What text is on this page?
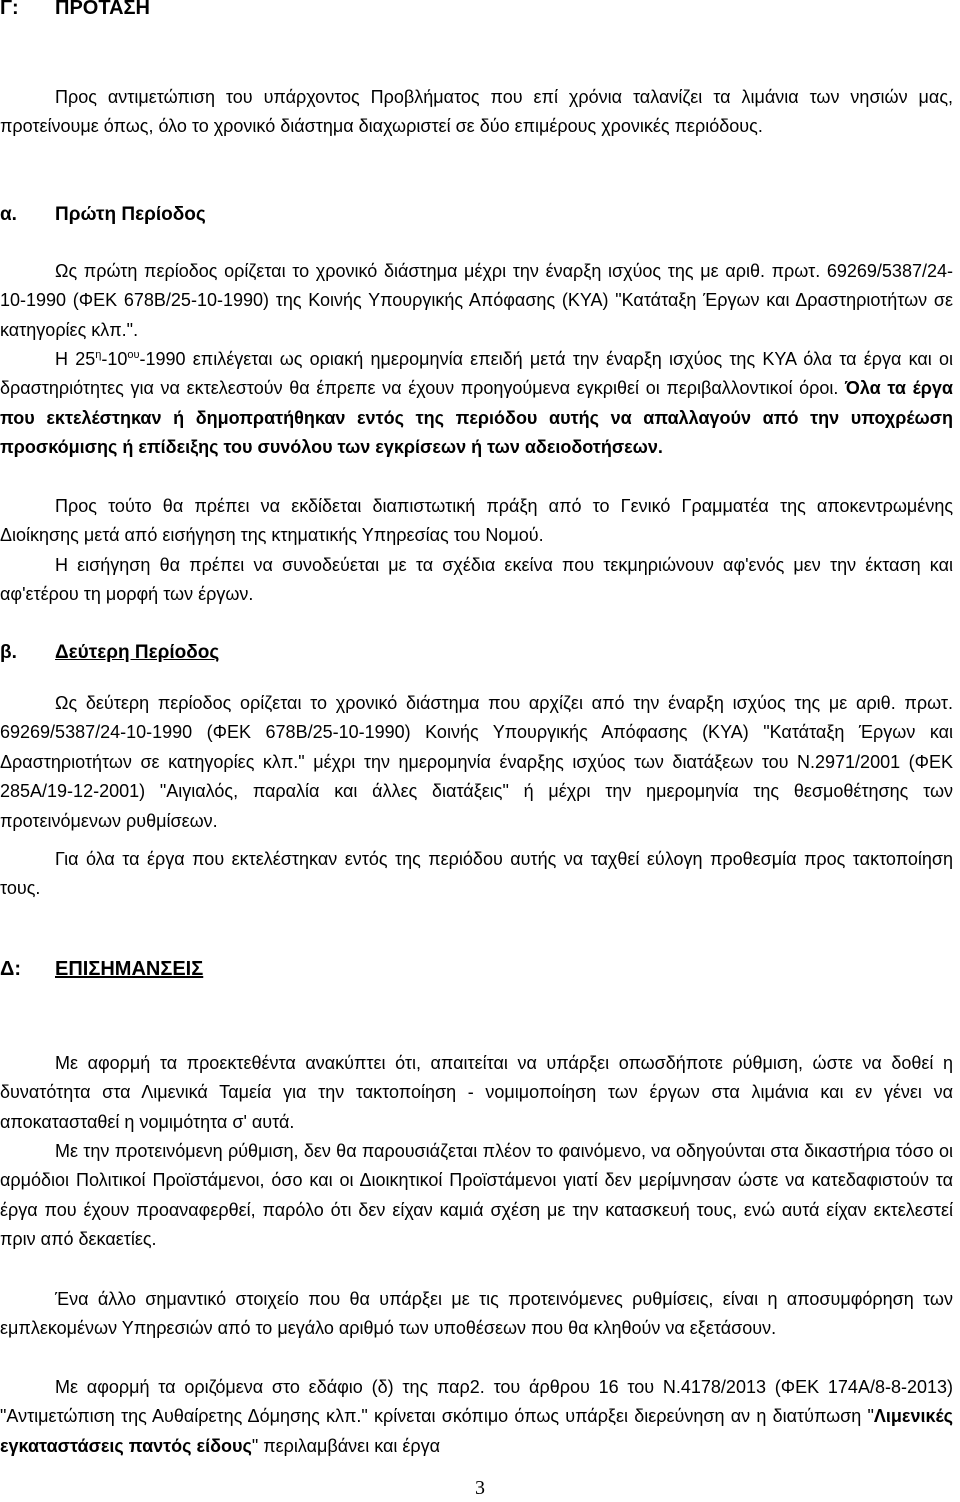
Γ: ΠΡΟΤΑΣΗ

Προς αντιμετώπιση του υπάρχοντος Προβλήματος που επί χρόνια ταλανίζει τα λιμάνια των νησιών μας, προτείνουμε όπως, όλο το χρονικό διάστημα διαχωριστεί σε δύο επιμέρους χρονικές περιόδους.

α. Πρώτη Περίοδος

Ως πρώτη περίοδος ορίζεται το χρονικό διάστημα μέχρι την έναρξη ισχύος της με αριθ. πρωτ. 69269/5387/24-10-1990 (ΦΕΚ 678Β/25-10-1990) της Κοινής Υπουργικής Απόφασης (ΚΥΑ) "Κατάταξη Έργων και Δραστηριοτήτων σε κατηγορίες κλπ.".

Η $25^\eta-10^{o\upsilon}-1990$ επιλέγεται ως οριακή ημερομηνία επειδή μετά την έναρξη ισχύος της ΚΥΑ όλα τα έργα και οι δραστηριότητες για να εκτελεστούν θα έπρεπε να έχουν προηγούμενα εγκριθεί οι περιβαλλοντικοί όροι. Όλα τα έργα που εκτελέστηκαν ή δημοπρατήθηκαν εντός της περιόδου αυτής να απαλλαγούν από την υποχρέωση προσκόμισης ή επίδειξης του συνόλου των εγκρίσεων ή των αδειοδοτήσεων.

Προς τούτο θα πρέπει να εκδίδεται διαπιστωτική πράξη από το Γενικό Γραμματέα της αποκεντρωμένης Διοίκησης μετά από εισήγηση της κτηματικής Υπηρεσίας του Νομού.

Η εισήγηση θα πρέπει να συνοδεύεται με τα σχέδια εκείνα που τεκμηριώνουν αφ'ενός μεν την έκταση και αφ'ετέρου τη μορφή των έργων.

β. Δεύτερη Περίοδος

Ως δεύτερη περίοδος ορίζεται το χρονικό διάστημα που αρχίζει από την έναρξη ισχύος της με αριθ. πρωτ. 69269/5387/24-10-1990 (ΦΕΚ 678Β/25-10-1990) Κοινής Υπουργικής Απόφασης (ΚΥΑ) "Κατάταξη Έργων και Δραστηριοτήτων σε κατηγορίες κλπ." μέχρι την ημερομηνία έναρξης ισχύος των διατάξεων του Ν.2971/2001 (ΦΕΚ 285Α/19-12-2001) "Αιγιαλός, παραλία και άλλες διατάξεις" ή μέχρι την ημερομηνία της θεσμοθέτησης των προτεινόμενων ρυθμίσεων.

Για όλα τα έργα που εκτελέστηκαν εντός της περιόδου αυτής να ταχθεί εύλογη προθεσμία προς τακτοποίηση τους.

Δ: ΕΠΙΣΗΜΑΝΣΕΙΣ

Με αφορμή τα προεκτεθέντα ανακύπτει ότι, απαιτείται να υπάρξει οπωσδήποτε ρύθμιση, ώστε να δοθεί η δυνατότητα στα Λιμενικά Ταμεία για την τακτοποίηση - νομιμοποίηση των έργων στα λιμάνια και εν γένει να αποκατασταθεί η νομιμότητα σ' αυτά.

Με την προτεινόμενη ρύθμιση, δεν θα παρουσιάζεται πλέον το φαινόμενο, να οδηγούνται στα δικαστήρια τόσο οι αρμόδιοι Πολιτικοί Προϊστάμενοι, όσο και οι Διοικητικοί Προϊστάμενοι γιατί δεν μερίμνησαν ώστε να κατεδαφιστούν τα έργα που έχουν προαναφερθεί, παρόλο ότι δεν είχαν καμιά σχέση με την κατασκευή τους, ενώ αυτά είχαν εκτελεστεί πριν από δεκαετίες.

Ένα άλλο σημαντικό στοιχείο που θα υπάρξει με τις προτεινόμενες ρυθμίσεις, είναι η αποσυμφόρηση των εμπλεκομένων Υπηρεσιών από το μεγάλο αριθμό των υποθέσεων που θα κληθούν να εξετάσουν.

Με αφορμή τα οριζόμενα στο εδάφιο (δ) της παρ2. του άρθρου 16 του Ν.4178/2013 (ΦΕΚ 174Α/8-8-2013) "Αντιμετώπιση της Αυθαίρετης Δόμησης κλπ." κρίνεται σκόπιμο όπως υπάρξει διερεύνηση αν η διατύπωση "Λιμενικές εγκαταστάσεις παντός είδους" περιλαμβάνει και έργα

3
